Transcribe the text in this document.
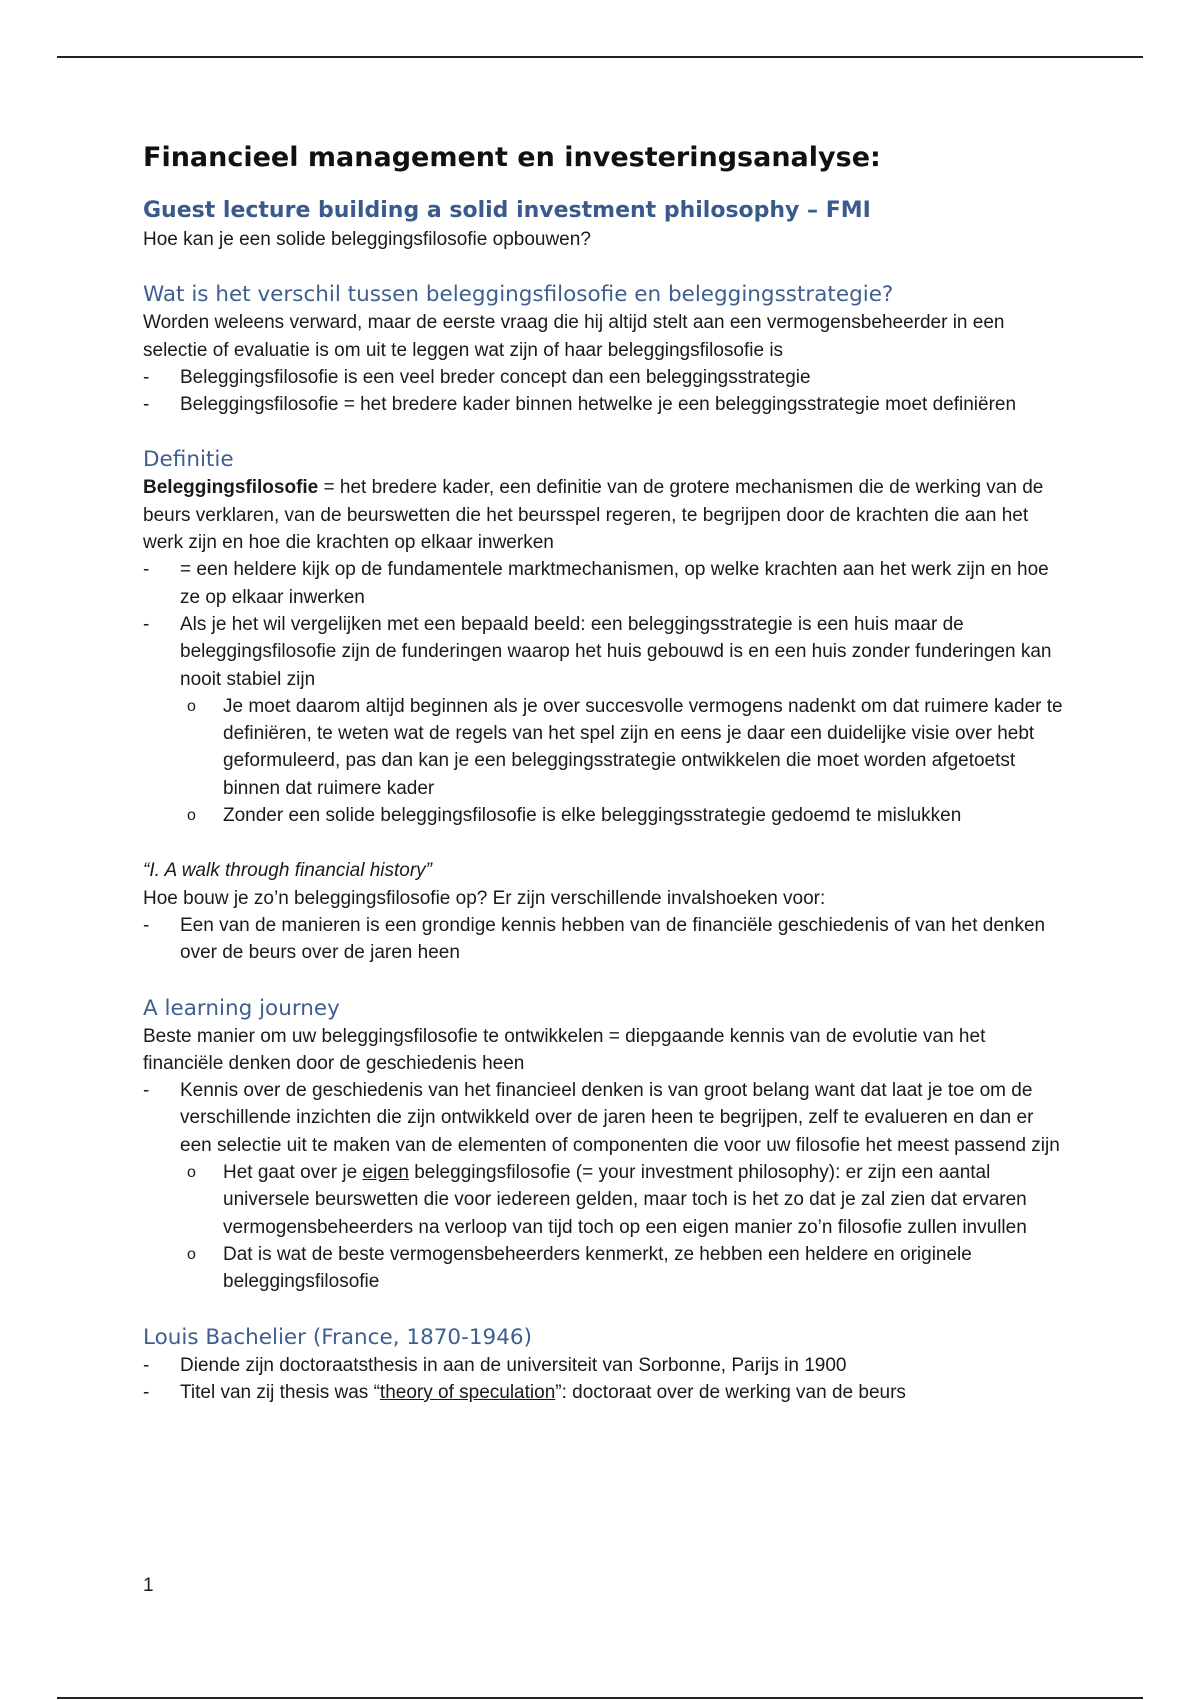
Financieel management en investeringsanalyse:
Guest lecture building a solid investment philosophy – FMI

Hoe kan je een solide beleggingsfilosofie opbouwen?

Wat is het verschil tussen beleggingsfilosofie en beleggingsstrategie?

Worden weleens verward, maar de eerste vraag die hij altijd stelt aan een vermogensbeheerder in een selectie of evaluatie is om uit te leggen wat zijn of haar beleggingsfilosofie is

- Beleggingsfilosofie is een veel breder concept dan een beleggingsstrategie
- Beleggingsfilosofie = het bredere kader binnen hetwelke je een beleggingsstrategie moet definiëren
Definitie

Beleggingsfilosofie = het bredere kader, een definitie van de grotere mechanismen die de werking van de beurs verklaren, van de beurswetten die het beursspel regeren, te begrijpen door de krachten die aan het werk zijn en hoe die krachten op elkaar inwerken

- = een heldere kijk op de fundamentele marktmechanismen, op welke krachten aan het werk zijn en hoe ze op elkaar inwerken
- Als je het wil vergelijken met een bepaald beeld: een beleggingsstrategie is een huis maar de beleggingsfilosofie zijn de funderingen waarop het huis gebouwd is en een huis zonder funderingen kan nooit stabiel zijn
o Je moet daarom altijd beginnen als je over succesvolle vermogens nadenkt om dat ruimere kader te definiëren, te weten wat de regels van het spel zijn en eens je daar een duidelijke visie over hebt geformuleerd, pas dan kan je een beleggingsstrategie ontwikkelen die moet worden afgetoetst binnen dat ruimere kader
o Zonder een solide beleggingsfilosofie is elke beleggingsstrategie gedoemd te mislukken

“I. A walk through financial history”

Hoe bouw je zo’n beleggingsfilosofie op? Er zijn verschillende invalshoeken voor:

- Een van de manieren is een grondige kennis hebben van de financiële geschiedenis of van het denken over de beurs over de jaren heen
A learning journey

Beste manier om uw beleggingsfilosofie te ontwikkelen = diepgaande kennis van de evolutie van het financiële denken door de geschiedenis heen

- Kennis over de geschiedenis van het financieel denken is van groot belang want dat laat je toe om de verschillende inzichten die zijn ontwikkeld over de jaren heen te begrijpen, zelf te evalueren en dan er een selectie uit te maken van de elementen of componenten die voor uw filosofie het meest passend zijn
o Het gaat over je eigen beleggingsfilosofie (= your investment philosophy): er zijn een aantal universele beurswetten die voor iedereen gelden, maar toch is het zo dat je zal zien dat ervaren vermogensbeheerders na verloop van tijd toch op een eigen manier zo’n filosofie zullen invullen
o Dat is wat de beste vermogensbeheerders kenmerkt, ze hebben een heldere en originele beleggingsfilosofie
Louis Bachelier (France, 1870-1946)
- Diende zijn doctoraatsthesis in aan de universiteit van Sorbonne, Parijs in 1900
- Titel van zij thesis was “theory of speculation”: doctoraat over de werking van de beurs
1
